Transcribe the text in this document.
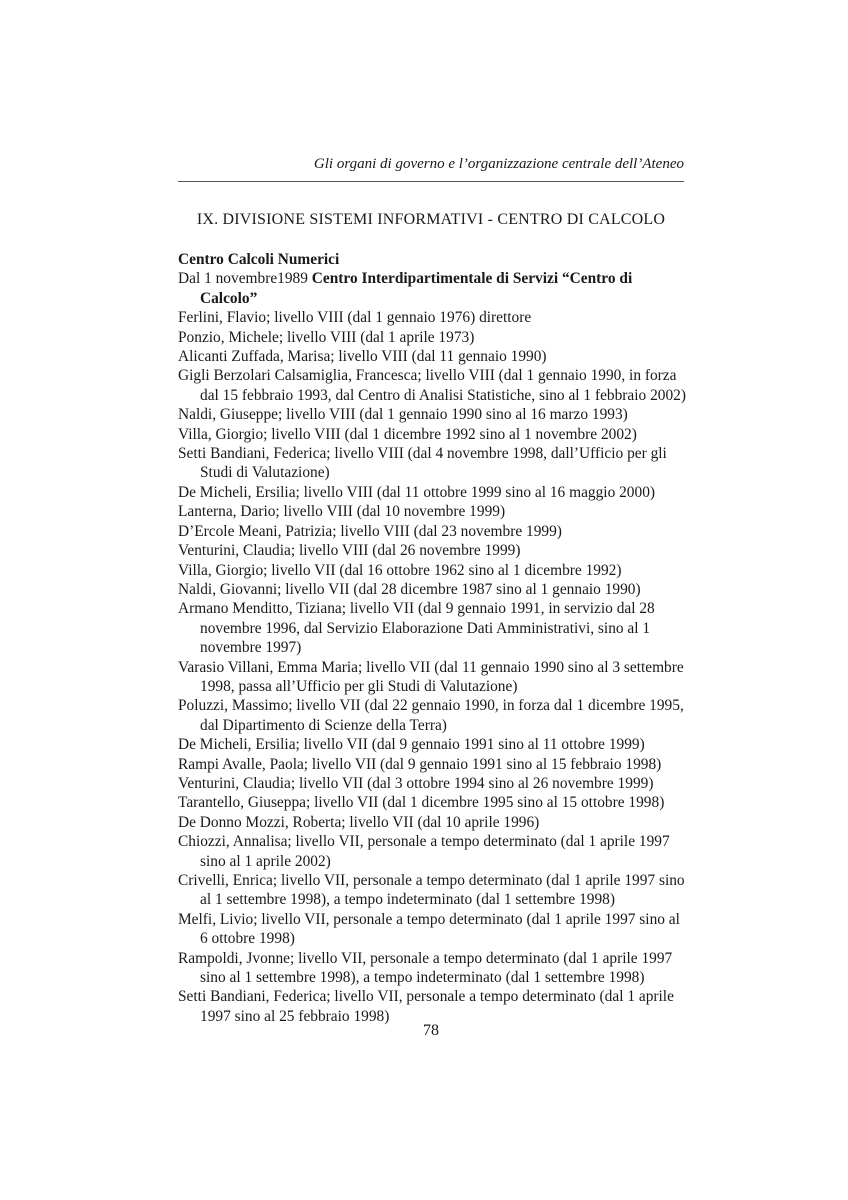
Gli organi di governo e l’organizzazione centrale dell’Ateneo
IX. DIVISIONE SISTEMI INFORMATIVI - CENTRO DI CALCOLO
Centro Calcoli Numerici
Dal 1 novembre1989 Centro Interdipartimentale di Servizi “Centro di Calcolo”
Ferlini, Flavio; livello VIII (dal 1 gennaio 1976) direttore
Ponzio, Michele; livello VIII (dal 1 aprile 1973)
Alicanti Zuffada, Marisa; livello VIII (dal 11 gennaio 1990)
Gigli Berzolari Calsamiglia, Francesca; livello VIII (dal 1 gennaio 1990, in forza dal 15 febbraio 1993, dal Centro di Analisi Statistiche, sino al 1 febbraio 2002)
Naldi, Giuseppe; livello VIII (dal 1 gennaio 1990 sino al 16 marzo 1993)
Villa, Giorgio; livello VIII (dal 1 dicembre 1992 sino al 1 novembre 2002)
Setti Bandiani, Federica; livello VIII (dal 4 novembre 1998, dall’Ufficio per gli Studi di Valutazione)
De Micheli, Ersilia; livello VIII (dal 11 ottobre 1999 sino al 16 maggio 2000)
Lanterna, Dario; livello VIII (dal 10 novembre 1999)
D’Ercole Meani, Patrizia; livello VIII (dal 23 novembre 1999)
Venturini, Claudia; livello VIII (dal 26 novembre 1999)
Villa, Giorgio; livello VII (dal 16 ottobre 1962 sino al 1 dicembre 1992)
Naldi, Giovanni; livello VII (dal 28 dicembre 1987 sino al 1 gennaio 1990)
Armano Menditto, Tiziana; livello VII (dal 9 gennaio 1991, in servizio dal 28 novembre 1996, dal Servizio Elaborazione Dati Amministrativi, sino al 1 novembre 1997)
Varasio Villani, Emma Maria; livello VII (dal 11 gennaio 1990 sino al 3 settembre 1998, passa all’Ufficio per gli Studi di Valutazione)
Poluzzi, Massimo; livello VII (dal 22 gennaio 1990, in forza dal 1 dicembre 1995, dal Dipartimento di Scienze della Terra)
De Micheli, Ersilia; livello VII (dal 9 gennaio 1991 sino al 11 ottobre 1999)
Rampi Avalle, Paola; livello VII (dal 9 gennaio 1991 sino al 15 febbraio 1998)
Venturini, Claudia; livello VII (dal 3 ottobre 1994 sino al 26 novembre 1999)
Tarantello, Giuseppa; livello VII (dal 1 dicembre 1995 sino al 15 ottobre 1998)
De Donno Mozzi, Roberta; livello VII (dal 10 aprile 1996)
Chiozzi, Annalisa; livello VII, personale a tempo determinato (dal 1 aprile 1997 sino al 1 aprile 2002)
Crivelli, Enrica; livello VII, personale a tempo determinato (dal 1 aprile 1997 sino al 1 settembre 1998), a tempo indeterminato (dal 1 settembre 1998)
Melfi, Livio; livello VII, personale a tempo determinato (dal 1 aprile 1997 sino al 6 ottobre 1998)
Rampoldi, Jvonne; livello VII, personale a tempo determinato (dal 1 aprile 1997 sino al 1 settembre 1998), a tempo indeterminato (dal 1 settembre 1998)
Setti Bandiani, Federica; livello VII, personale a tempo determinato (dal 1 aprile 1997 sino al 25 febbraio 1998)
78
